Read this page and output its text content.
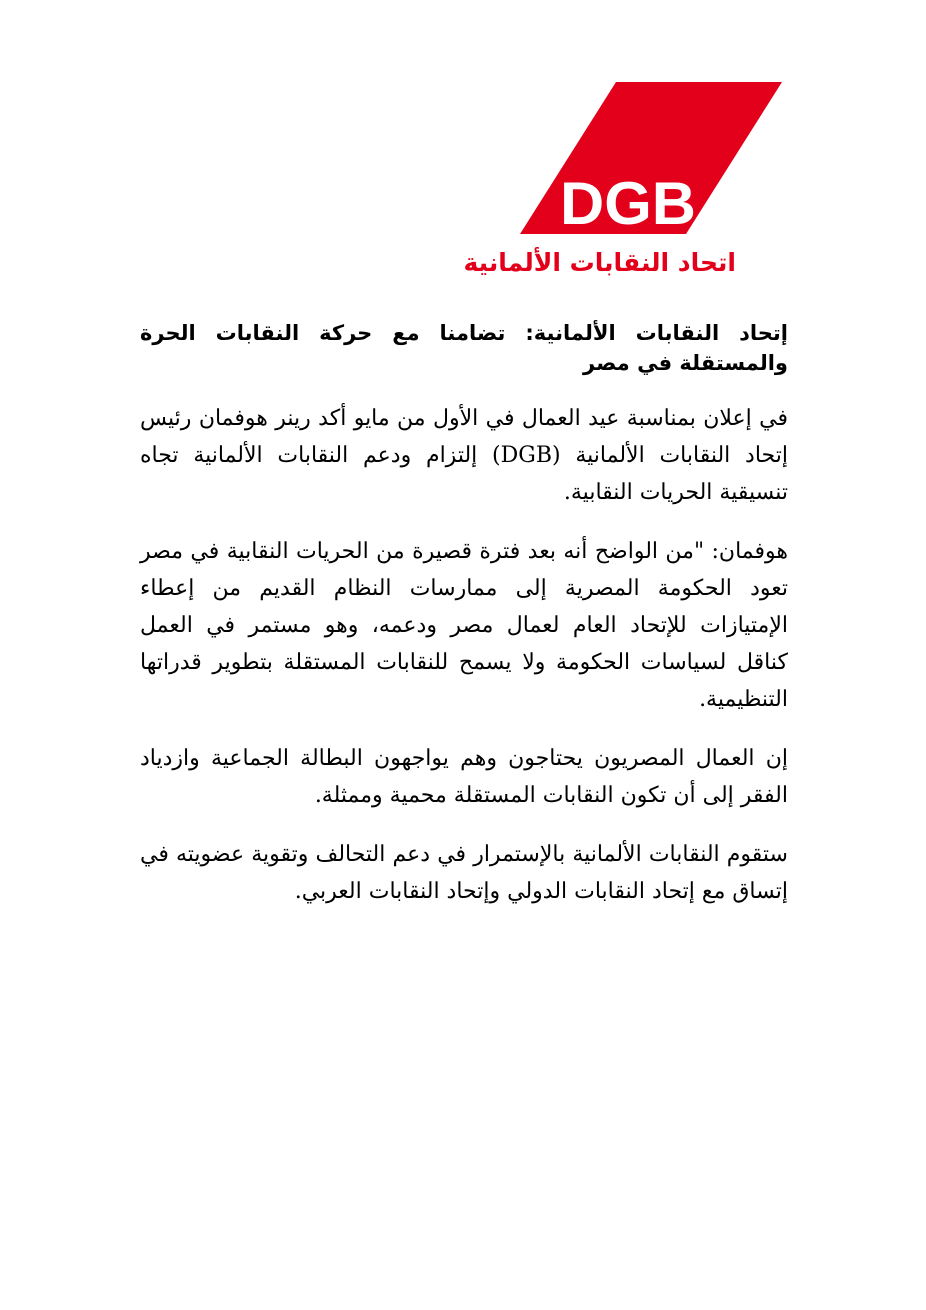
DGB
اتحاد النقابات الألمانية

إتحاد النقابات الألمانية: تضامنا مع حركة النقابات الحرة والمستقلة في مصر

في إعلان بمناسبة عيد العمال في الأول من مايو أكد رينر هوفمان رئيس إتحاد النقابات الألمانية (DGB) إلتزام ودعم النقابات الألمانية تجاه تنسيقية الحريات النقابية.

هوفمان: "من الواضح أنه بعد فترة قصيرة من الحريات النقابية في مصر تعود الحكومة المصرية إلى ممارسات النظام القديم من إعطاء الإمتيازات للإتحاد العام لعمال مصر ودعمه، وهو مستمر في العمل كناقل لسياسات الحكومة ولا يسمح للنقابات المستقلة بتطوير قدراتها التنظيمية.

إن العمال المصريون يحتاجون وهم يواجهون البطالة الجماعية وازدياد الفقر إلى أن تكون النقابات المستقلة محمية وممثلة.

ستقوم النقابات الألمانية بالإستمرار في دعم التحالف وتقوية عضويته في إتساق مع إتحاد النقابات الدولي وإتحاد النقابات العربي.
